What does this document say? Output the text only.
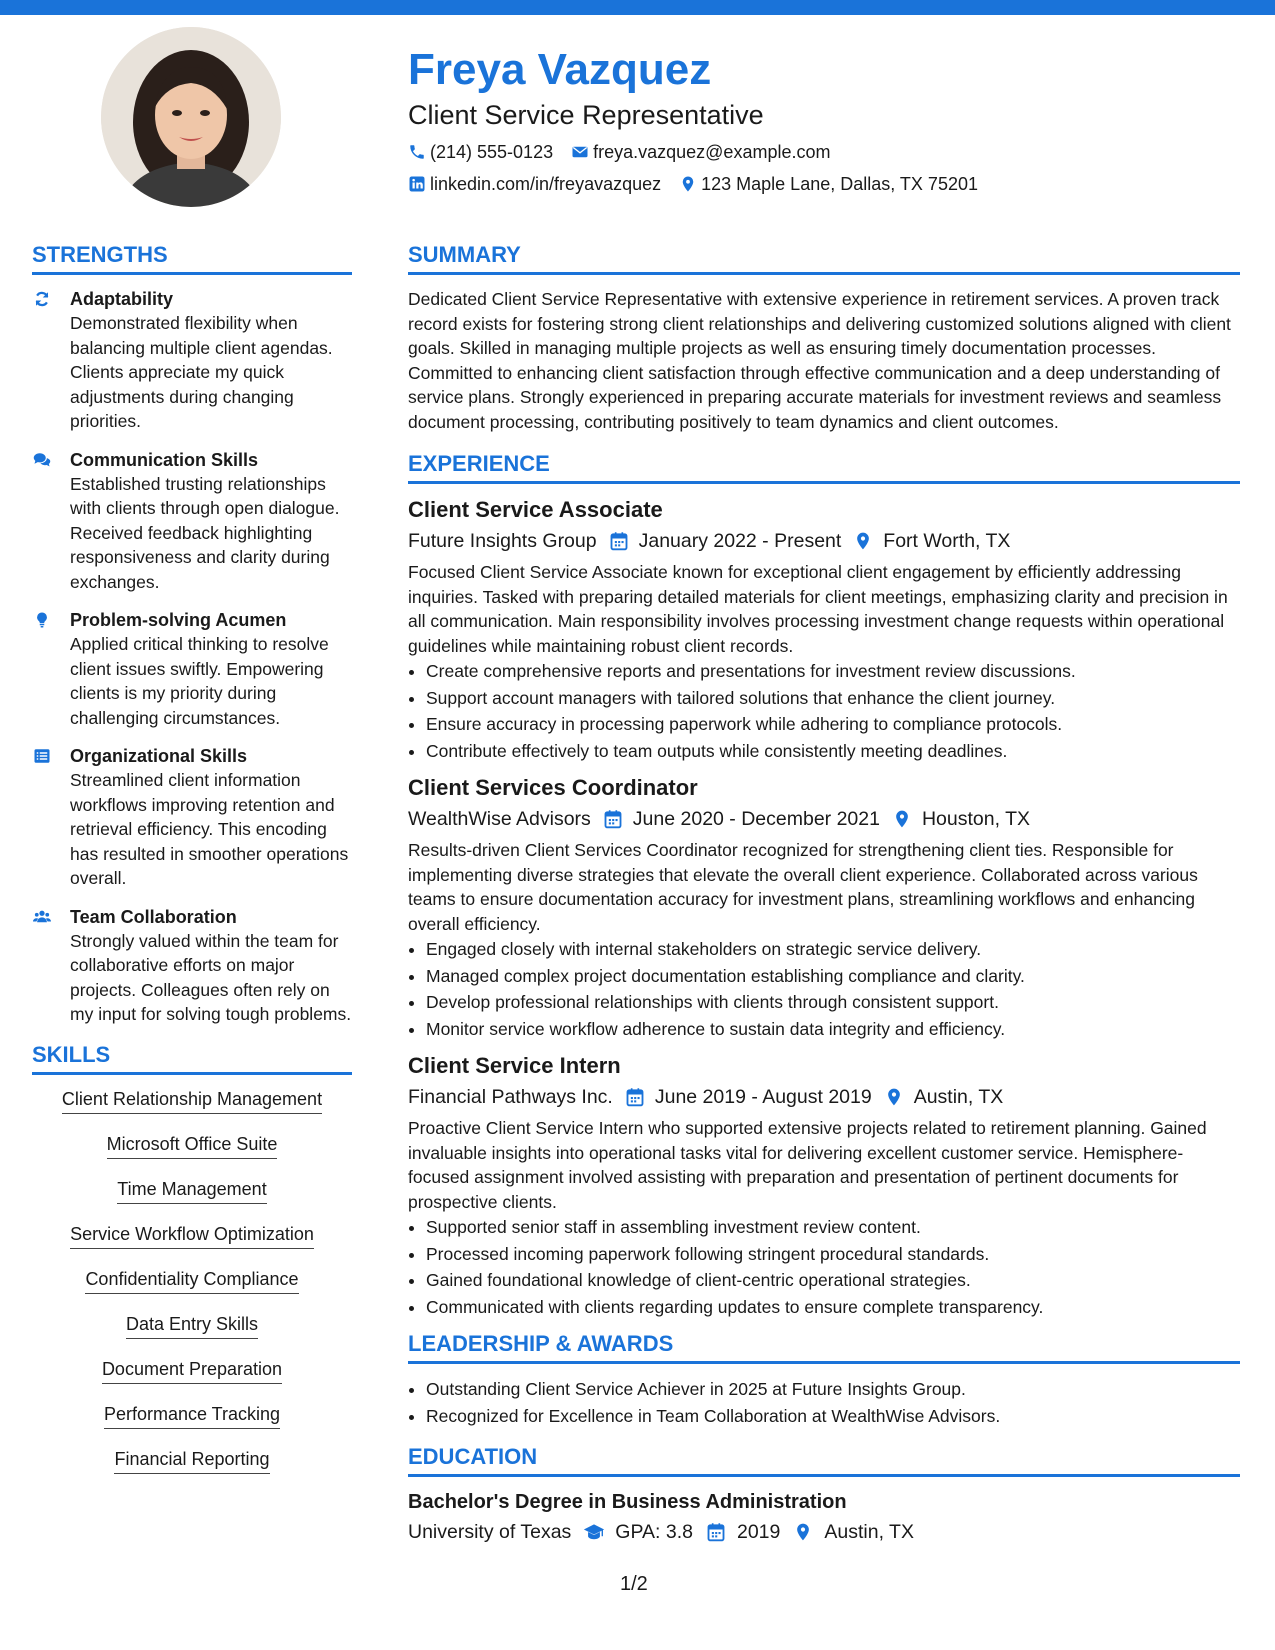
Freya Vazquez
Client Service Representative
(214) 555-0123 freya.vazquez@example.com
linkedin.com/in/freyavazquez 123 Maple Lane, Dallas, TX 75201
STRENGTHS
Adaptability
Demonstrated flexibility when balancing multiple client agendas. Clients appreciate my quick adjustments during changing priorities.
Communication Skills
Established trusting relationships with clients through open dialogue. Received feedback highlighting responsiveness and clarity during exchanges.
Problem-solving Acumen
Applied critical thinking to resolve client issues swiftly. Empowering clients is my priority during challenging circumstances.
Organizational Skills
Streamlined client information workflows improving retention and retrieval efficiency. This encoding has resulted in smoother operations overall.
Team Collaboration
Strongly valued within the team for collaborative efforts on major projects. Colleagues often rely on my input for solving tough problems.
SKILLS
Client Relationship Management
Microsoft Office Suite
Time Management
Service Workflow Optimization
Confidentiality Compliance
Data Entry Skills
Document Preparation
Performance Tracking
Financial Reporting
SUMMARY
Dedicated Client Service Representative with extensive experience in retirement services. A proven track record exists for fostering strong client relationships and delivering customized solutions aligned with client goals. Skilled in managing multiple projects as well as ensuring timely documentation processes. Committed to enhancing client satisfaction through effective communication and a deep understanding of service plans. Strongly experienced in preparing accurate materials for investment reviews and seamless document processing, contributing positively to team dynamics and client outcomes.
EXPERIENCE
Client Service Associate
Future Insights Group January 2022 - Present Fort Worth, TX
Focused Client Service Associate known for exceptional client engagement by efficiently addressing inquiries. Tasked with preparing detailed materials for client meetings, emphasizing clarity and precision in all communication. Main responsibility involves processing investment change requests within operational guidelines while maintaining robust client records.
• Create comprehensive reports and presentations for investment review discussions.
• Support account managers with tailored solutions that enhance the client journey.
• Ensure accuracy in processing paperwork while adhering to compliance protocols.
• Contribute effectively to team outputs while consistently meeting deadlines.
Client Services Coordinator
WealthWise Advisors June 2020 - December 2021 Houston, TX
Results-driven Client Services Coordinator recognized for strengthening client ties. Responsible for implementing diverse strategies that elevate the overall client experience. Collaborated across various teams to ensure documentation accuracy for investment plans, streamlining workflows and enhancing overall efficiency.
• Engaged closely with internal stakeholders on strategic service delivery.
• Managed complex project documentation establishing compliance and clarity.
• Develop professional relationships with clients through consistent support.
• Monitor service workflow adherence to sustain data integrity and efficiency.
Client Service Intern
Financial Pathways Inc. June 2019 - August 2019 Austin, TX
Proactive Client Service Intern who supported extensive projects related to retirement planning. Gained invaluable insights into operational tasks vital for delivering excellent customer service. Hemisphere-focused assignment involved assisting with preparation and presentation of pertinent documents for prospective clients.
• Supported senior staff in assembling investment review content.
• Processed incoming paperwork following stringent procedural standards.
• Gained foundational knowledge of client-centric operational strategies.
• Communicated with clients regarding updates to ensure complete transparency.
LEADERSHIP & AWARDS
• Outstanding Client Service Achiever in 2025 at Future Insights Group.
• Recognized for Excellence in Team Collaboration at WealthWise Advisors.
EDUCATION
Bachelor's Degree in Business Administration
University of Texas GPA: 3.8 2019 Austin, TX
1/2
